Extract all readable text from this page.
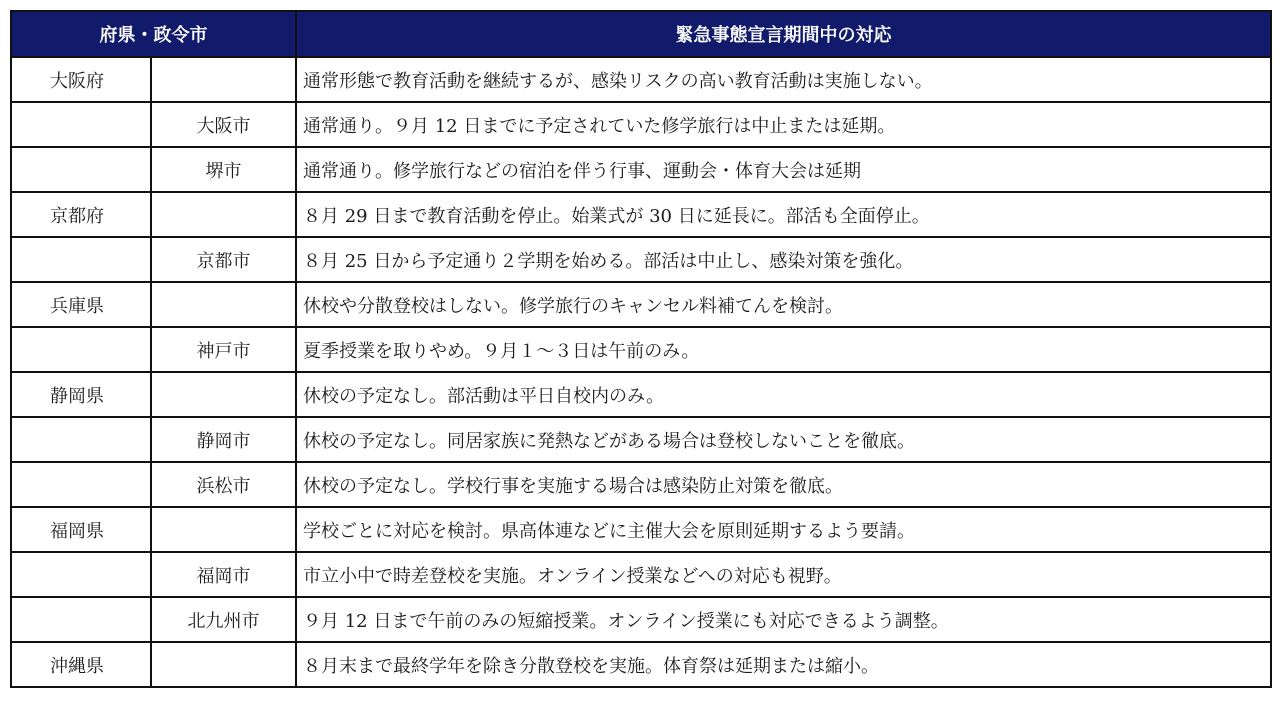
府県・政令市		緊急事態宣言期間中の対応
大阪府		通常形態で教育活動を継続するが、感染リスクの高い教育活動は実施しない。
	大阪市	通常通り。９月 12 日までに予定されていた修学旅行は中止または延期。
	堺市	通常通り。修学旅行などの宿泊を伴う行事、運動会・体育大会は延期
京都府		８月 29 日まで教育活動を停止。始業式が 30 日に延長に。部活も全面停止。
	京都市	８月 25 日から予定通り２学期を始める。部活は中止し、感染対策を強化。
兵庫県		休校や分散登校はしない。修学旅行のキャンセル料補てんを検討。
	神戸市	夏季授業を取りやめ。９月１～３日は午前のみ。
静岡県		休校の予定なし。部活動は平日自校内のみ。
	静岡市	休校の予定なし。同居家族に発熱などがある場合は登校しないことを徹底。
	浜松市	休校の予定なし。学校行事を実施する場合は感染防止対策を徹底。
福岡県		学校ごとに対応を検討。県高体連などに主催大会を原則延期するよう要請。
	福岡市	市立小中で時差登校を実施。オンライン授業などへの対応も視野。
	北九州市	９月 12 日まで午前のみの短縮授業。オンライン授業にも対応できるよう調整。
沖縄県		８月末まで最終学年を除き分散登校を実施。体育祭は延期または縮小。
